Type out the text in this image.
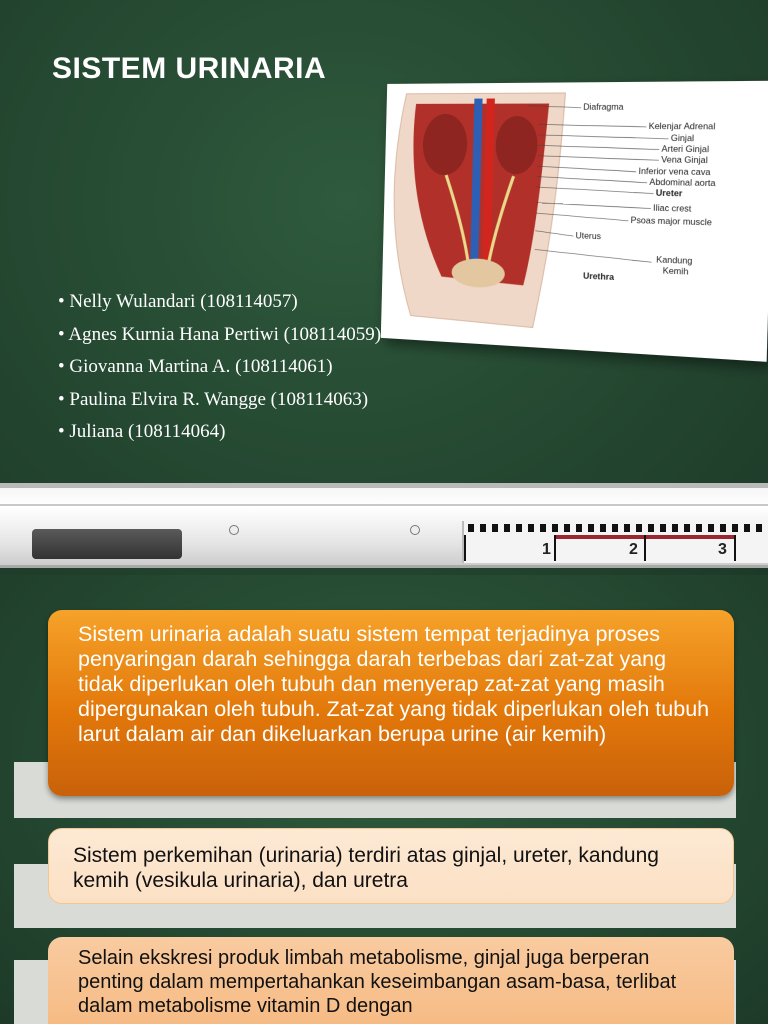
SISTEM URINARIA
Diafragma
Kelenjar Adrenal
Ginjal
Arteri Ginjal
Vena Ginjal
Inferior vena cava
Abdominal aorta
Ureter
Iliac crest
Psoas major muscle
Uterus
Kandung
Kemih
Urethra
• Nelly Wulandari (108114057)
• Agnes Kurnia Hana Pertiwi (108114059)
• Giovanna Martina A. (108114061)
• Paulina Elvira R. Wangge (108114063)
• Juliana (108114064)
1	2	3
Sistem urinaria adalah suatu sistem tempat terjadinya proses penyaringan darah sehingga darah terbebas dari zat-zat yang tidak diperlukan oleh tubuh dan menyerap zat-zat yang masih dipergunakan oleh tubuh. Zat-zat yang tidak diperlukan oleh tubuh larut dalam air dan dikeluarkan berupa urine (air kemih)
Sistem perkemihan (urinaria) terdiri atas ginjal, ureter, kandung kemih (vesikula urinaria), dan uretra
Selain ekskresi produk limbah metabolisme, ginjal juga berperan penting dalam mempertahankan keseimbangan asam-basa, terlibat dalam metabolisme vitamin D dengan
